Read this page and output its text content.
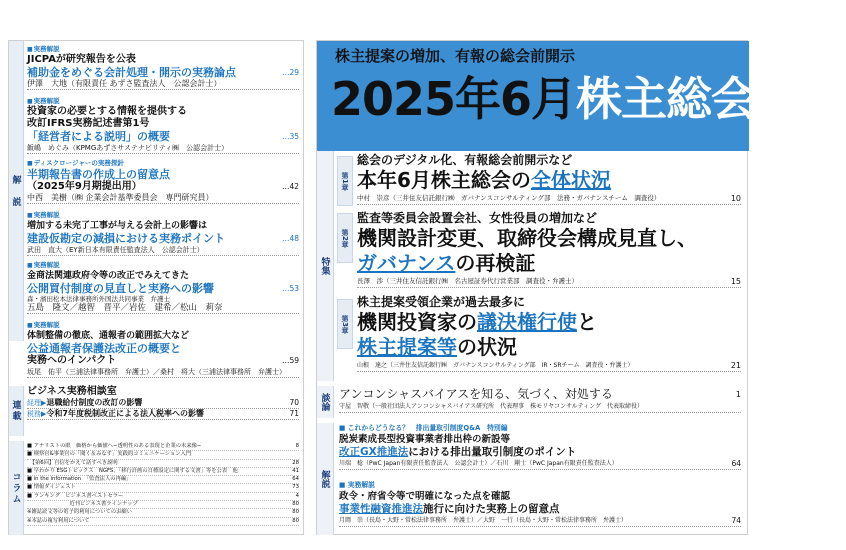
解　説
連載
コラム
■ 実務解説
JICPAが研究報告を公表
補助金をめぐる会計処理・開示の実務論点	…29
伊澤　大地（有限責任 あずさ監査法人　公認会計士）
■ 実務解説
投資家の必要とする情報を提供する
改訂IFRS実務記述書第1号
「経営者による説明」の概要	…35
飯嶋　めぐみ（KPMGあずさサステナビリティ㈱　公認会計士）
■ ディスクロージャーの実務探針
半期報告書の作成上の留意点
（2025年9月期提出用）	…42
中西　美樹（㈱ 企業会計基準委員会　専門研究員）
■ 実務解説
増加する未完了工事が与える会計上の影響は
建設仮勘定の減損における実務ポイント	…48
武田　直大（EY新日本有限責任監査法人　公認会計士）
■ 実務解説
金商法関連政府令等の改正でみえてきた
公開買付制度の見直しと実務への影響	…53
森・濱田松本法律事務所外国法共同事業　弁護士
五島　隆文／越智　晋平／岩佐　建希／松山　莉奈
■ 実務解説
体制整備の徹底、通報者の範囲拡大など
公益通報者保護法改正の概要と
実務へのインパクト	…59
坂尾　佑平（三浦法律事務所　弁護士）／桑村　将大（三浦法律事務所　弁護士）
ビジネス実務相談室
経理▶退職給付制度の改訂の影響	70
税務▶令和7年度税制改正による法人税率への影響	71
■ アナリストの眼　価格から価値へ−透明性のある表現と企業の未来像−	8
■ 検察官&事業官の「聞く＆みなす」実践的コミュニケーション入門
　【第6回】自信をかえて話すべき説明	28
■ 早わかり ESGトピックス　NGFS、「移行計画の日標設定に関する文書」等を公表　他	41
■ in the information　「監査法人の再編」	64
■ 情報ダイジェスト	73
■ ランキング　ビジネス書ベストセラー	4
　　　　　　　　近刊ビジネス書ラインナップ	80
※雑誌読文等の電子的利用についてのお願い	80
※本誌の複写利用について	80
株主提案の増加、有報の総会前開示
2025年6月株主総会分析
特集
第1章
総会のデジタル化、有報総会前開示など
本年6月株主総会の全体状況
中村　崇彦（三井住友信託銀行㈱　ガバナンスコンサルティング部　法務・ガバナンスチーム　調査役）	10
第2章
監査等委員会設置会社、女性役員の増加など
機関設計変更、取締役会構成見直し、
ガバナンスの再検証
長澤　渉（三井住友信託銀行㈱　名古屋証券代行営業部　調査役・弁護士）	15
第3章
株主提案受領企業が過去最多に
機関投資家の議決権行使と
株主提案等の状況
山根　達之（三井住友信託銀行㈱　ガバナンスコンサルティング部　IR・SRチーム　調査役・弁護士）	21
談論 アンコンシャスバイアスを知る、気づく、対処する	1
守屋　智敬（一般社団法人アンコンシャスバイアス研究所　代表理事　株モリヤコンサルティング　代表取締役）
解説
■ これからどうなる？　排出量取引制度Q&A　特別編
脱炭素成長型投資事業者排出枠の新設等
改正GX推進法における排出量取引制度のポイント
川端　稔（PwC Japan有限責任監査法人　公認会計士）／石川　剛士（PwC Japan有限責任監査法人）	64
■ 実務解説
政令・府省令等で明確になった点を確認
事業性融資推進法施行に向けた実務上の留意点
月岡　崇（長島・大野・常松法律事務所　弁護士）／大野　一行（長島・大野・常松法律事務所　弁護士）	74
